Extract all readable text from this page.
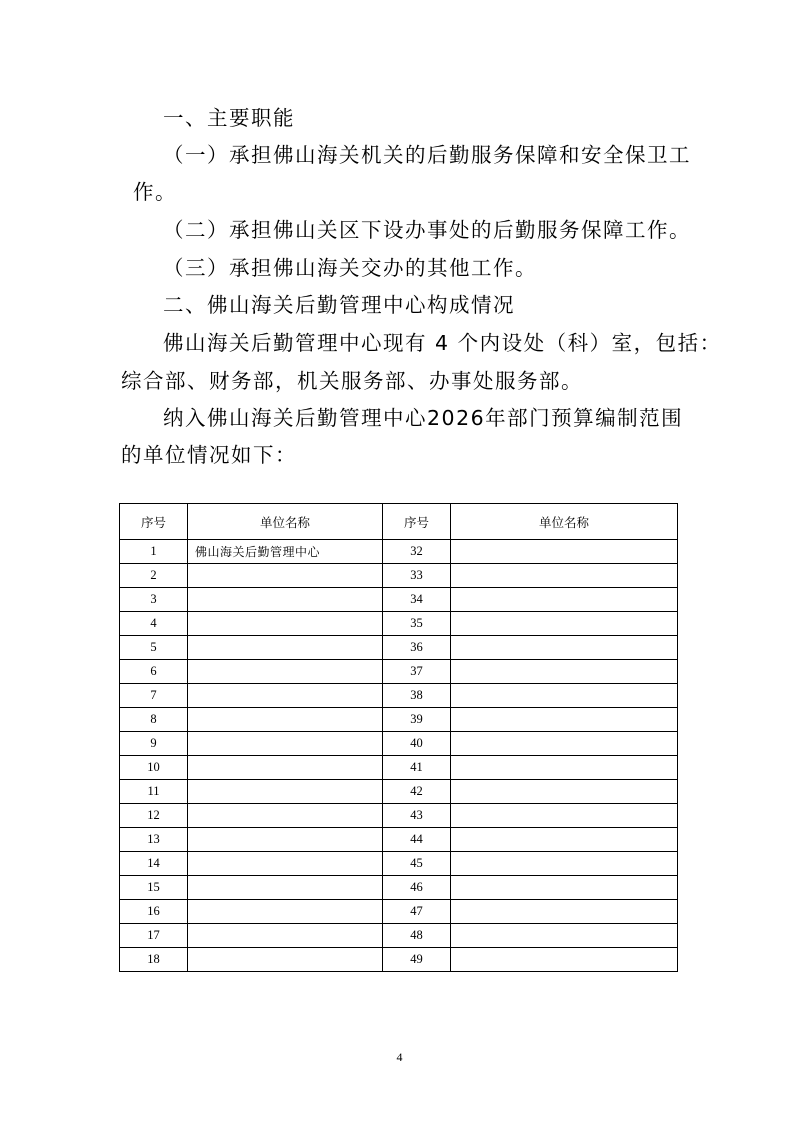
一、主要职能
（一）承担佛山海关机关的后勤服务保障和安全保卫工
作。
（二）承担佛山关区下设办事处的后勤服务保障工作。
（三）承担佛山海关交办的其他工作。
二、佛山海关后勤管理中心构成情况
佛山海关后勤管理中心现有 4 个内设处（科）室，包括：
综合部、财务部，机关服务部、办事处服务部。
纳入佛山海关后勤管理中心2026年部门预算编制范围
的单位情况如下：
序号	单位名称	序号	单位名称
1	佛山海关后勤管理中心	32	
2		33	
3		34	
4		35	
5		36	
6		37	
7		38	
8		39	
9		40	
10		41	
11		42	
12		43	
13		44	
14		45	
15		46	
16		47	
17		48	
18		49	
4
